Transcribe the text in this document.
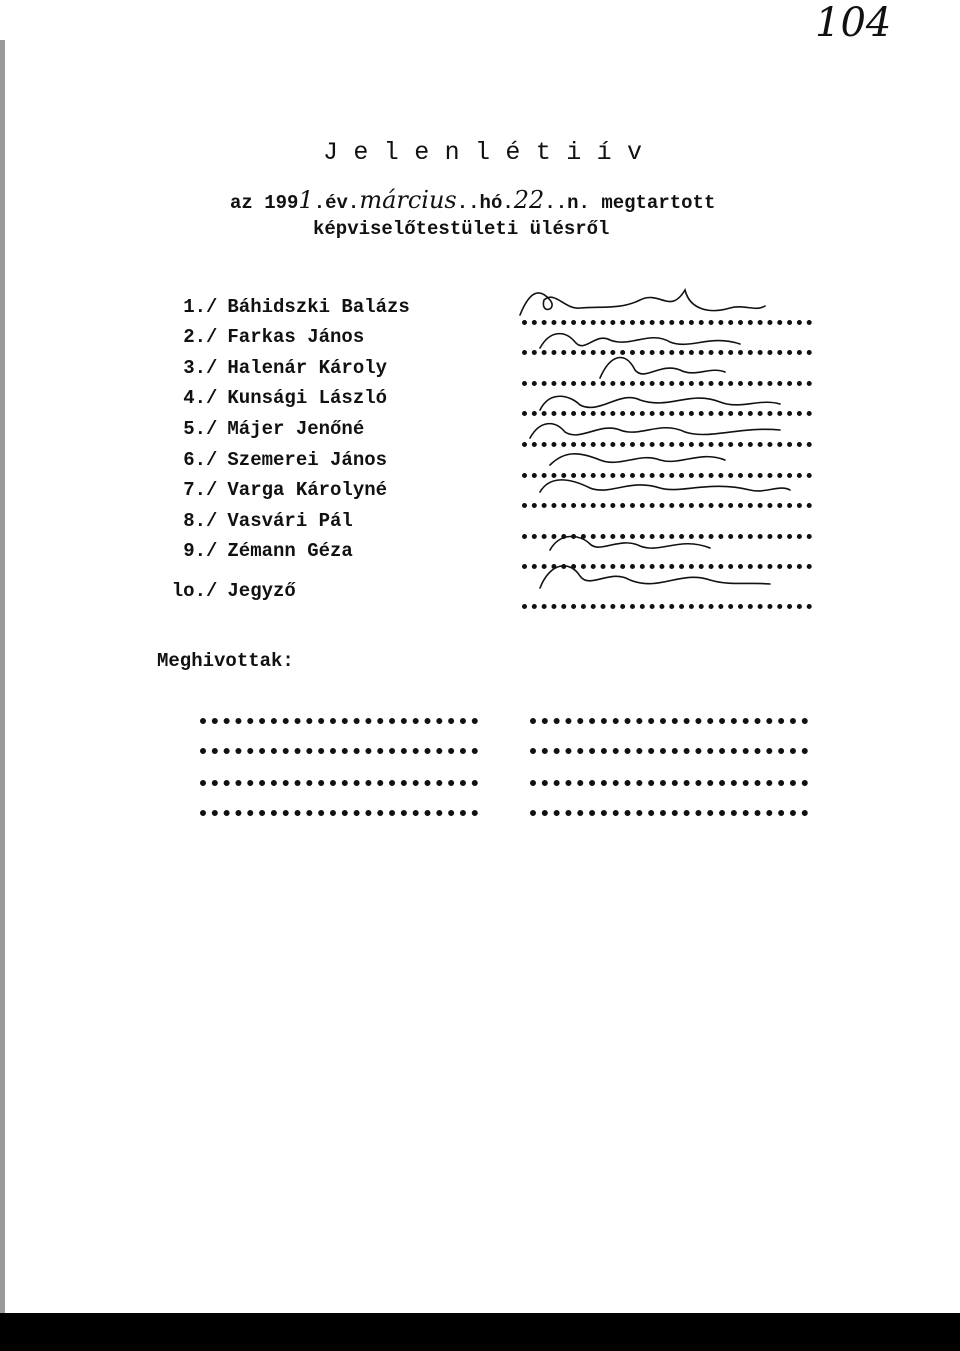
104
J e l e n l é t i í v
az 1991.év.március..hó.22..n. megtartott
képviselőtestületi ülésről
1./ Báhidszki Balázs
2./ Farkas János
3./ Halenár Károly
4./ Kunsági László
5./ Májer Jenőné
6./ Szemerei János
7./ Varga Károlyné
8./ Vasvári Pál
9./ Zémann Géza
lo./ Jegyző
Meghivottak:
